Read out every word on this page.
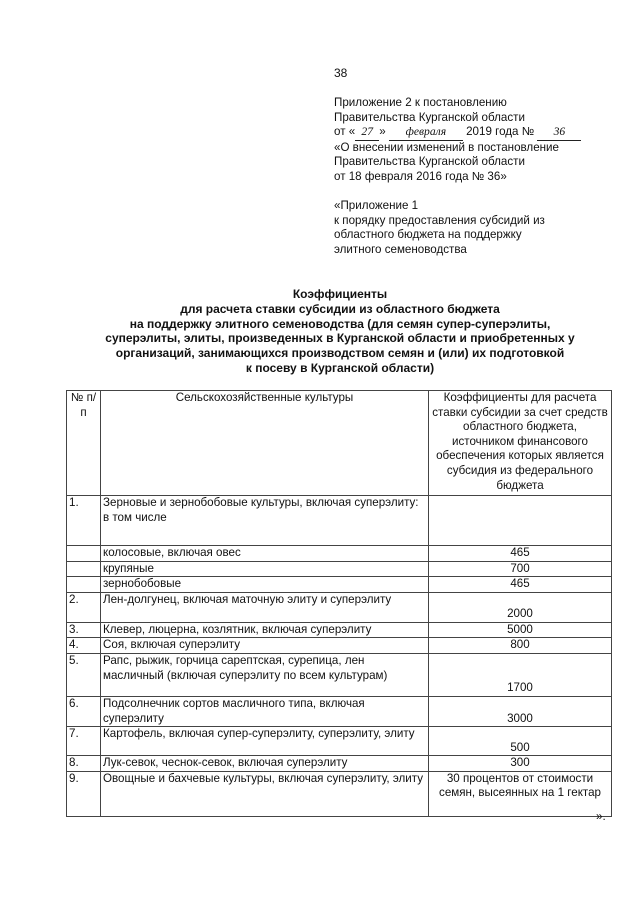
38
Приложение 2 к постановлению
Правительства Курганской области
от « 27 » февраля 2019 года № 36
«О внесении изменений в постановление
Правительства Курганской области
от 18 февраля 2016 года № 36»
«Приложение 1
к порядку предоставления субсидий из
областного бюджета на поддержку
элитного семеноводства
Коэффициенты
для расчета ставки субсидии из областного бюджета
на поддержку элитного семеноводства (для семян супер-суперэлиты,
суперэлиты, элиты, произведенных в Курганской области и приобретенных у
организаций, занимающихся производством семян и (или) их подготовкой
к посеву в Курганской области)
№ п/п	Сельскохозяйственные культуры	Коэффициенты для расчета ставки субсидии за счет средств областного бюджета, источником финансового обеспечения которых является субсидия из федерального бюджета
1.	Зерновые и зернобобовые культуры, включая суперэлиту:
в том числе	
	колосовые, включая овес	465
	крупяные	700
	зернобобовые	465
2.	Лен-долгунец, включая маточную элиту и суперэлиту	2000
3.	Клевер, люцерна, козлятник, включая суперэлиту	5000
4.	Соя, включая суперэлиту	800
5.	Рапс, рыжик, горчица сарептская, сурепица, лен масличный (включая суперэлиту по всем культурам)	1700
6.	Подсолнечник сортов масличного типа, включая суперэлиту	3000
7.	Картофель, включая супер-суперэлиту, суперэлиту, элиту	500
8.	Лук-севок, чеснок-севок, включая суперэлиту	300
9.	Овощные и бахчевые культуры, включая суперэлиту, элиту	30 процентов от стоимости семян, высеянных на 1 гектар
».
